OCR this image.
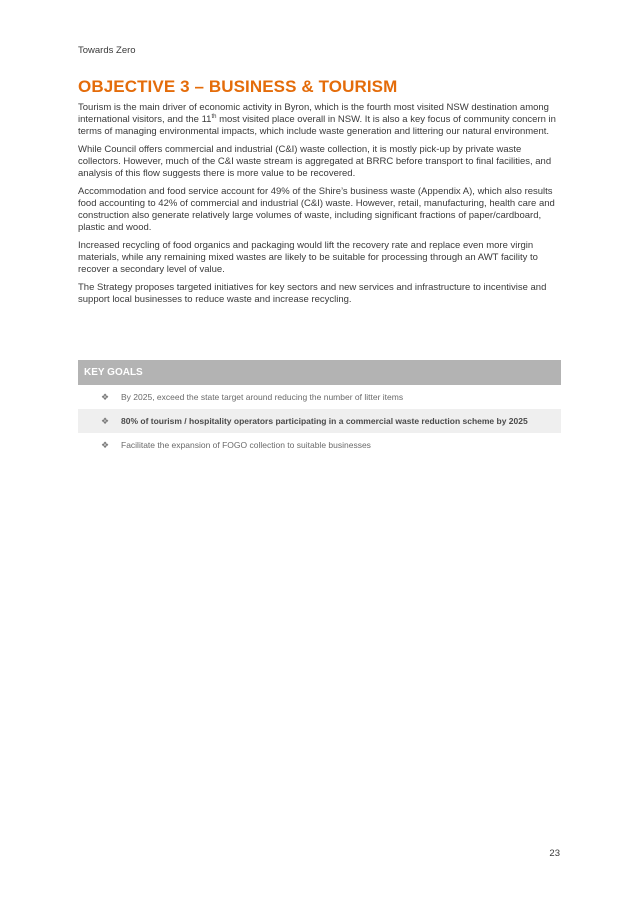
Towards Zero
OBJECTIVE 3 – BUSINESS & TOURISM

Tourism is the main driver of economic activity in Byron, which is the fourth most visited NSW destination among international visitors, and the 11th most visited place overall in NSW. It is also a key focus of community concern in terms of managing environmental impacts, which include waste generation and littering our natural environment.

While Council offers commercial and industrial (C&I) waste collection, it is mostly pick-up by private waste collectors. However, much of the C&I waste stream is aggregated at BRRC before transport to final facilities, and analysis of this flow suggests there is more value to be recovered.

Accommodation and food service account for 49% of the Shire’s business waste (Appendix A), which also results food accounting to 42% of commercial and industrial (C&I) waste. However, retail, manufacturing, health care and construction also generate relatively large volumes of waste, including significant fractions of paper/cardboard, plastic and wood.

Increased recycling of food organics and packaging would lift the recovery rate and replace even more virgin materials, while any remaining mixed wastes are likely to be suitable for processing through an AWT facility to recover a secondary level of value.

The Strategy proposes targeted initiatives for key sectors and new services and infrastructure to incentivise and support local businesses to reduce waste and increase recycling.

KEY GOALS
❖ By 2025, exceed the state target around reducing the number of litter items
❖ 80% of tourism / hospitality operators participating in a commercial waste reduction scheme by 2025
❖ Facilitate the expansion of FOGO collection to suitable businesses
23
